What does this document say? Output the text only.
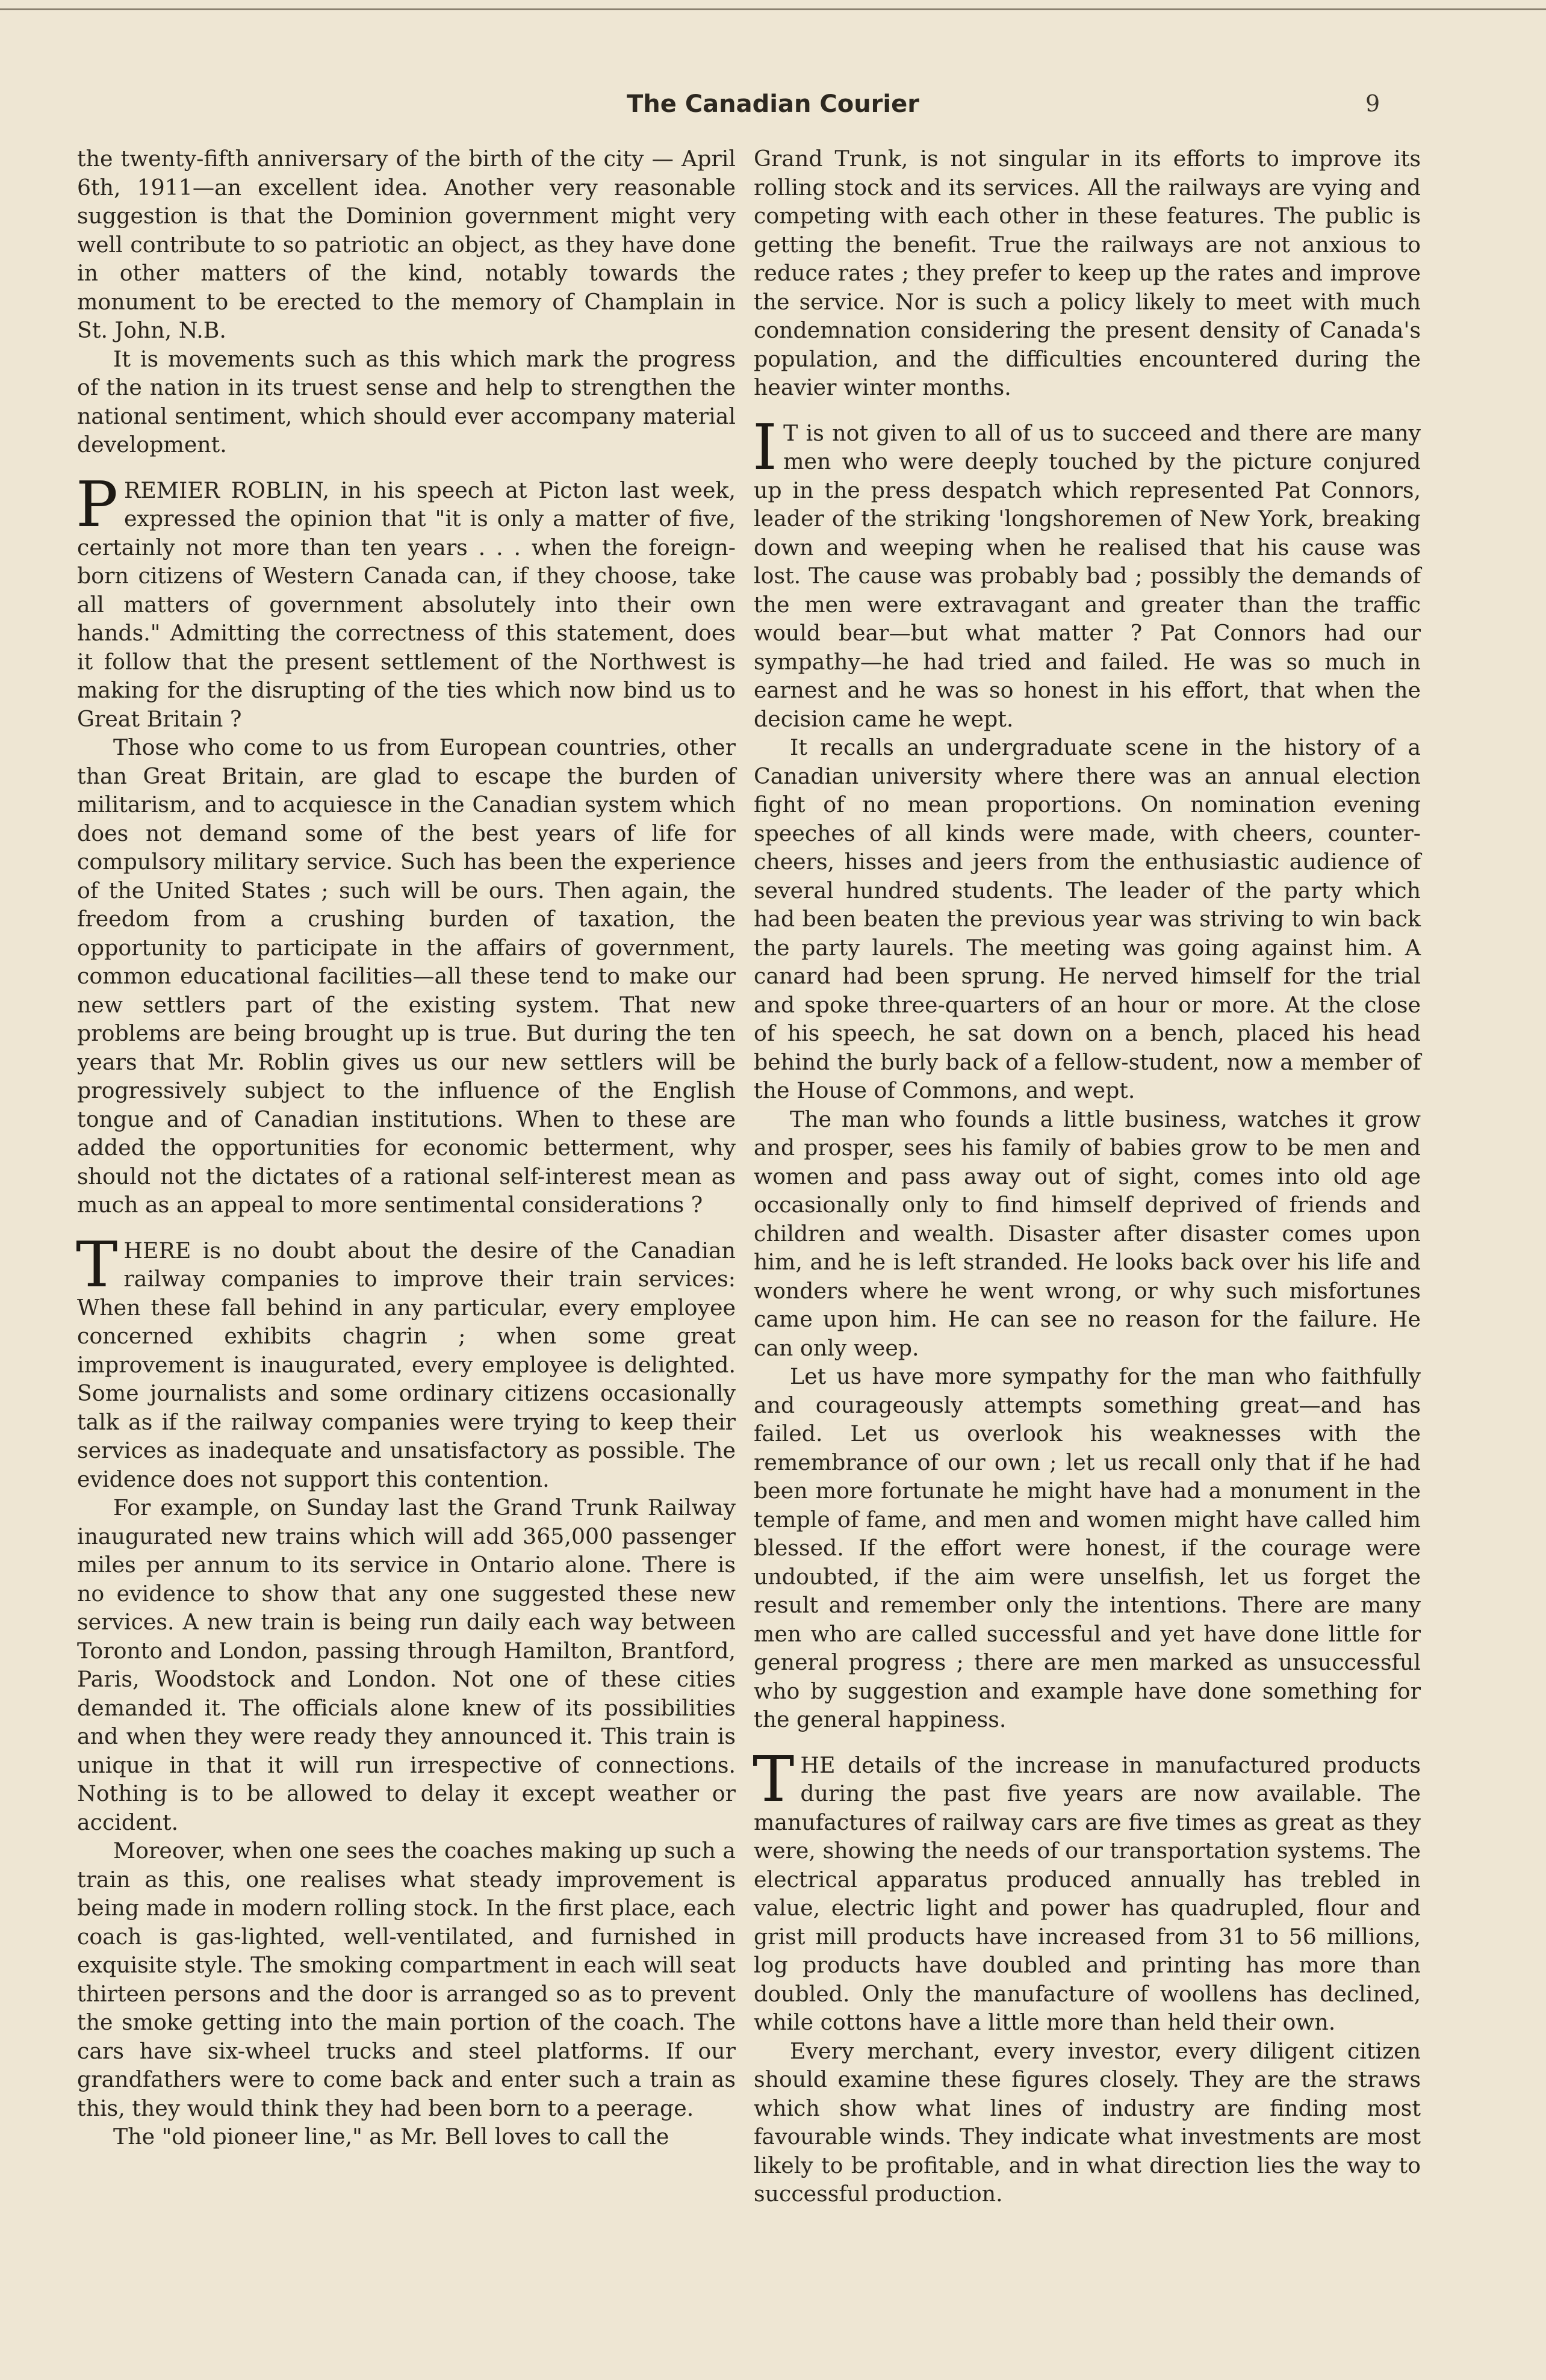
The Canadian Courier	9

the twenty-fifth anniversary of the birth of the city — April 6th, 1911—an excellent idea. Another very reasonable suggestion is that the Dominion government might very well contribute to so patriotic an object, as they have done in other matters of the kind, notably towards the monument to be erected to the memory of Champlain in St. John, N.B.

It is movements such as this which mark the progress of the nation in its truest sense and help to strengthen the national sentiment, which should ever accompany material development.

PREMIER ROBLIN, in his speech at Picton last week, expressed the opinion that "it is only a matter of five, certainly not more than ten years . . . when the foreign-born citizens of Western Canada can, if they choose, take all matters of government absolutely into their own hands." Admitting the correctness of this statement, does it follow that the present settlement of the Northwest is making for the disrupting of the ties which now bind us to Great Britain ?

Those who come to us from European countries, other than Great Britain, are glad to escape the burden of militarism, and to acquiesce in the Canadian system which does not demand some of the best years of life for compulsory military service. Such has been the experience of the United States ; such will be ours. Then again, the freedom from a crushing burden of taxation, the opportunity to participate in the affairs of government, common educational facilities—all these tend to make our new settlers part of the existing system. That new problems are being brought up is true. But during the ten years that Mr. Roblin gives us our new settlers will be progressively subject to the influence of the English tongue and of Canadian institutions. When to these are added the opportunities for economic betterment, why should not the dictates of a rational self-interest mean as much as an appeal to more sentimental considerations ?

THERE is no doubt about the desire of the Canadian railway companies to improve their train services: When these fall behind in any particular, every employee concerned exhibits chagrin ; when some great improvement is inaugurated, every employee is delighted. Some journalists and some ordinary citizens occasionally talk as if the railway companies were trying to keep their services as inadequate and unsatisfactory as possible. The evidence does not support this contention.

For example, on Sunday last the Grand Trunk Railway inaugurated new trains which will add 365,000 passenger miles per annum to its service in Ontario alone. There is no evidence to show that any one suggested these new services. A new train is being run daily each way between Toronto and London, passing through Hamilton, Brantford, Paris, Woodstock and London. Not one of these cities demanded it. The officials alone knew of its possibilities and when they were ready they announced it. This train is unique in that it will run irrespective of connections. Nothing is to be allowed to delay it except weather or accident.

Moreover, when one sees the coaches making up such a train as this, one realises what steady improvement is being made in modern rolling stock. In the first place, each coach is gas-lighted, well-ventilated, and furnished in exquisite style. The smoking compartment in each will seat thirteen persons and the door is arranged so as to prevent the smoke getting into the main portion of the coach. The cars have six-wheel trucks and steel platforms. If our grandfathers were to come back and enter such a train as this, they would think they had been born to a peerage.

The "old pioneer line," as Mr. Bell loves to call the

Grand Trunk, is not singular in its efforts to improve its rolling stock and its services. All the railways are vying and competing with each other in these features. The public is getting the benefit. True the railways are not anxious to reduce rates ; they prefer to keep up the rates and improve the service. Nor is such a policy likely to meet with much condemnation considering the present density of Canada's population, and the difficulties encountered during the heavier winter months.

I T is not given to all of us to succeed and there are many men who were deeply touched by the picture conjured up in the press despatch which represented Pat Connors, leader of the striking 'longshoremen of New York, breaking down and weeping when he realised that his cause was lost. The cause was probably bad ; possibly the demands of the men were extravagant and greater than the traffic would bear—but what matter ? Pat Connors had our sympathy—he had tried and failed. He was so much in earnest and he was so honest in his effort, that when the decision came he wept.

It recalls an undergraduate scene in the history of a Canadian university where there was an annual election fight of no mean proportions. On nomination evening speeches of all kinds were made, with cheers, counter-cheers, hisses and jeers from the enthusiastic audience of several hundred students. The leader of the party which had been beaten the previous year was striving to win back the party laurels. The meeting was going against him. A canard had been sprung. He nerved himself for the trial and spoke three-quarters of an hour or more. At the close of his speech, he sat down on a bench, placed his head behind the burly back of a fellow-student, now a member of the House of Commons, and wept.

The man who founds a little business, watches it grow and prosper, sees his family of babies grow to be men and women and pass away out of sight, comes into old age occasionally only to find himself deprived of friends and children and wealth. Disaster after disaster comes upon him, and he is left stranded. He looks back over his life and wonders where he went wrong, or why such misfortunes came upon him. He can see no reason for the failure. He can only weep.

Let us have more sympathy for the man who faithfully and courageously attempts something great—and has failed. Let us overlook his weaknesses with the remembrance of our own ; let us recall only that if he had been more fortunate he might have had a monument in the temple of fame, and men and women might have called him blessed. If the effort were honest, if the courage were undoubted, if the aim were unselfish, let us forget the result and remember only the intentions. There are many men who are called successful and yet have done little for general progress ; there are men marked as unsuccessful who by suggestion and example have done something for the general happiness.

THE details of the increase in manufactured products during the past five years are now available. The manufactures of railway cars are five times as great as they were, showing the needs of our transportation systems. The electrical apparatus produced annually has trebled in value, electric light and power has quadrupled, flour and grist mill products have increased from 31 to 56 millions, log products have doubled and printing has more than doubled. Only the manufacture of woollens has declined, while cottons have a little more than held their own.

Every merchant, every investor, every diligent citizen should examine these figures closely. They are the straws which show what lines of industry are finding most favourable winds. They indicate what investments are most likely to be profitable, and in what direction lies the way to successful production.
